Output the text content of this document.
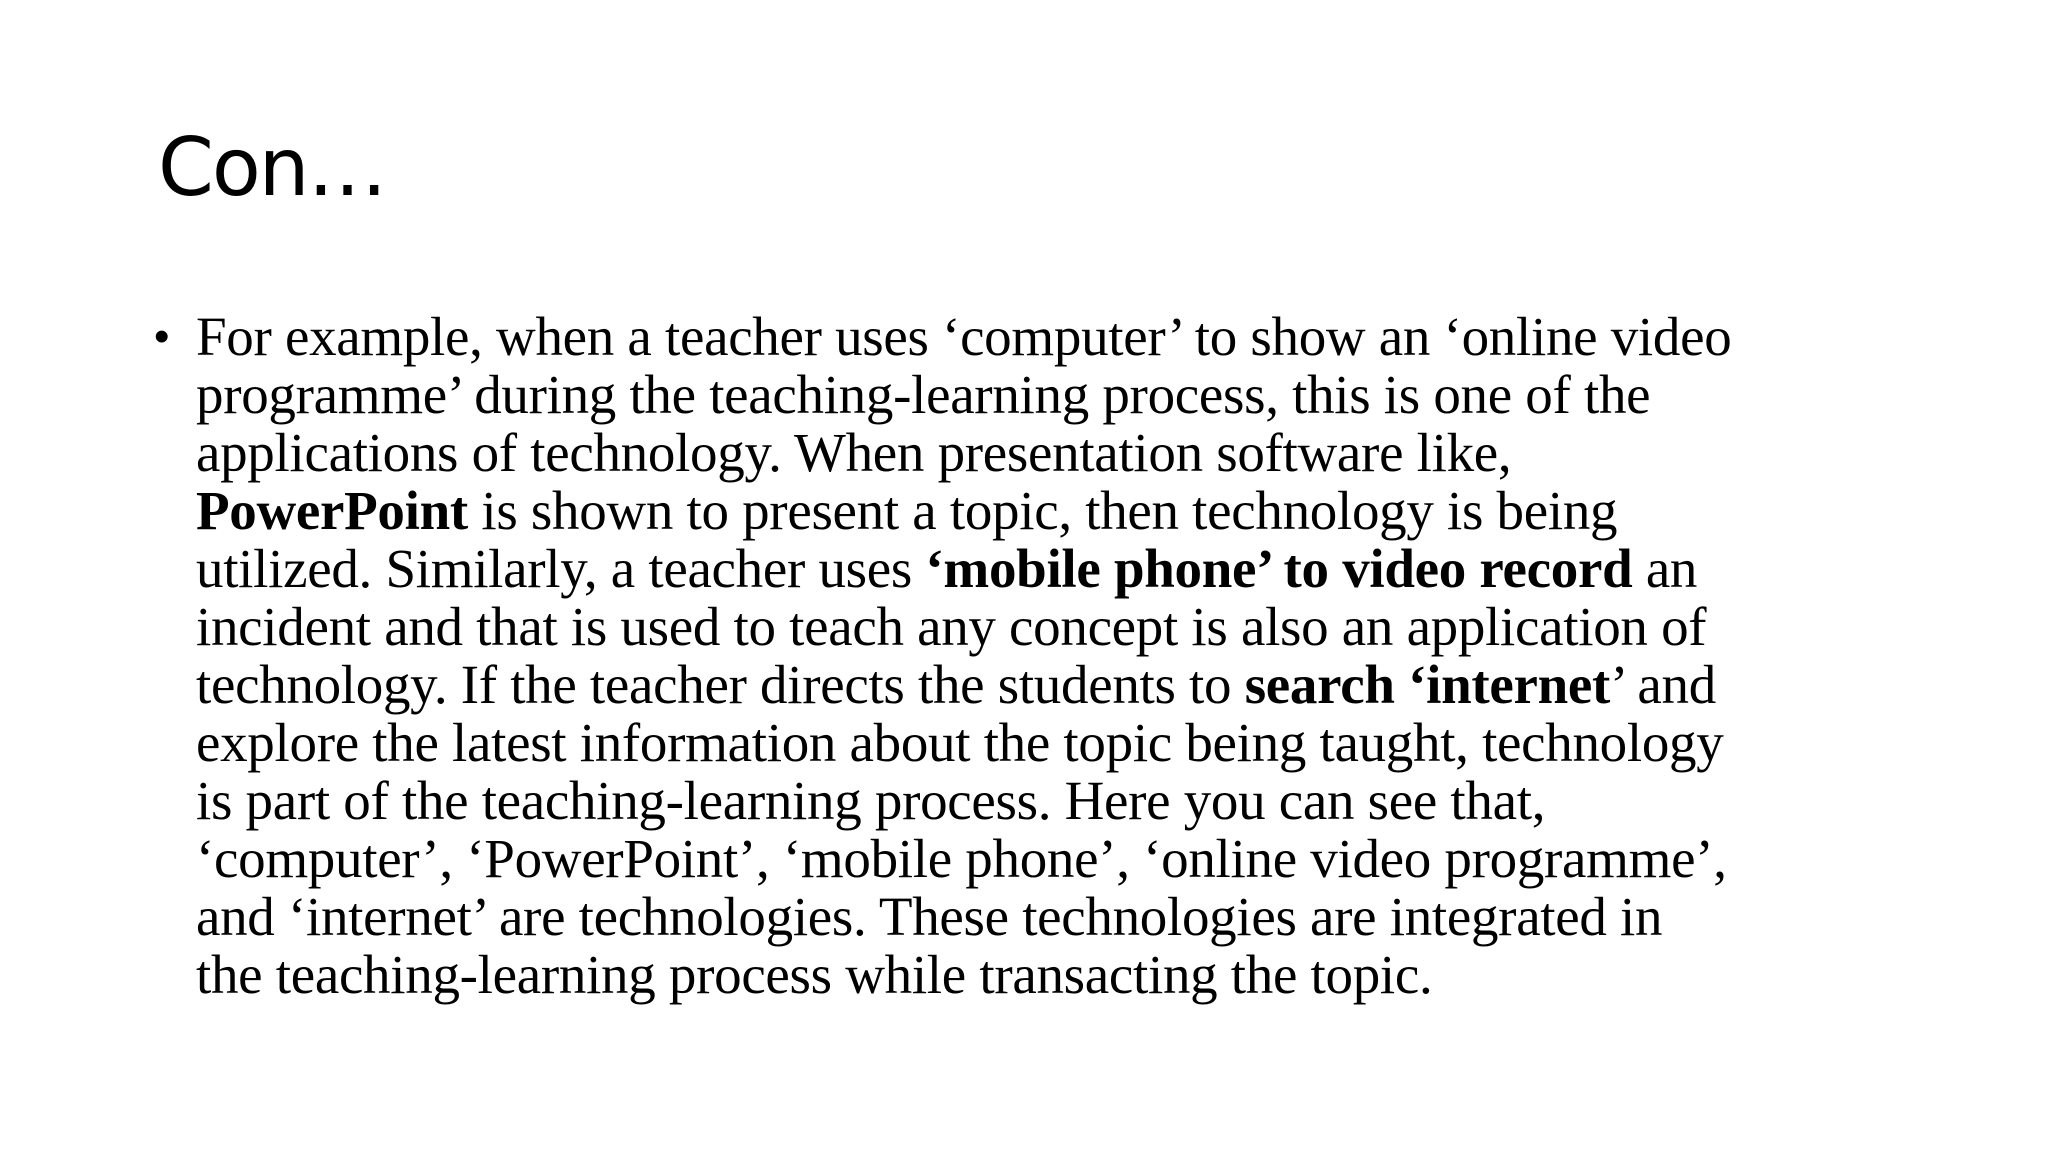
Con…
• For example, when a teacher uses ‘computer’ to show an ‘online video
programme’ during the teaching-learning process, this is one of the
applications of technology. When presentation software like,
PowerPoint is shown to present a topic, then technology is being
utilized. Similarly, a teacher uses ‘mobile phone’ to video record an
incident and that is used to teach any concept is also an application of
technology. If the teacher directs the students to search ‘internet’ and
explore the latest information about the topic being taught, technology
is part of the teaching-learning process. Here you can see that,
‘computer’, ‘PowerPoint’, ‘mobile phone’, ‘online video programme’,
and ‘internet’ are technologies. These technologies are integrated in
the teaching-learning process while transacting the topic.
